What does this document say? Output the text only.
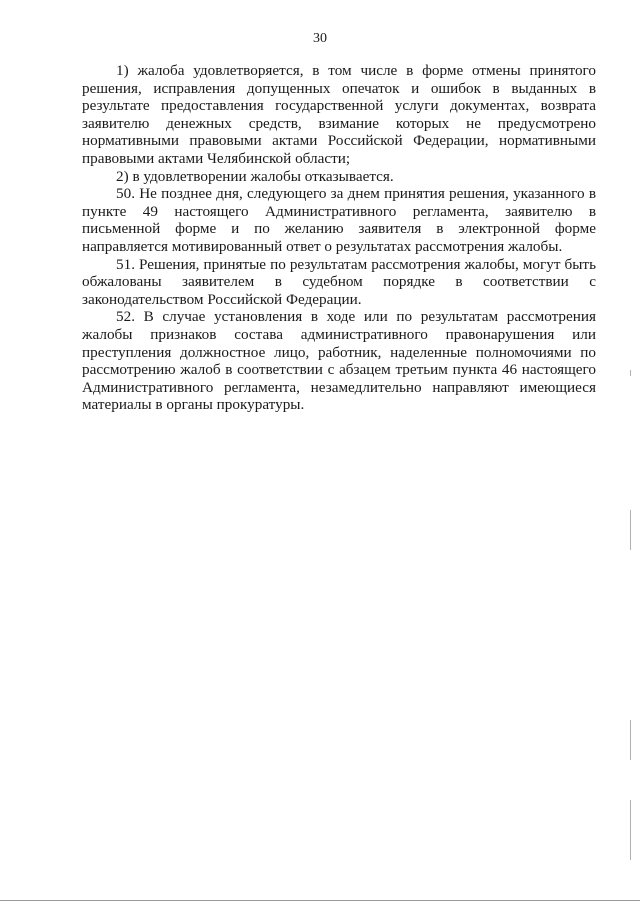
30

1) жалоба удовлетворяется, в том числе в форме отмены принятого решения, исправления допущенных опечаток и ошибок в выданных в результате предоставления государственной услуги документах, возврата заявителю денежных средств, взимание которых не предусмотрено нормативными правовыми актами Российской Федерации, нормативными правовыми актами Челябинской области;

2) в удовлетворении жалобы отказывается.

50. Не позднее дня, следующего за днем принятия решения, указанного в пункте 49 настоящего Административного регламента, заявителю в письменной форме и по желанию заявителя в электронной форме направляется мотивированный ответ о результатах рассмотрения жалобы.

51. Решения, принятые по результатам рассмотрения жалобы, могут быть обжалованы заявителем в судебном порядке в соответствии с законодательством Российской Федерации.

52. В случае установления в ходе или по результатам рассмотрения жалобы признаков состава административного правонарушения или преступления должностное лицо, работник, наделенные полномочиями по рассмотрению жалоб в соответствии с абзацем третьим пункта 46 настоящего Административного регламента, незамедлительно направляют имеющиеся материалы в органы прокуратуры.
